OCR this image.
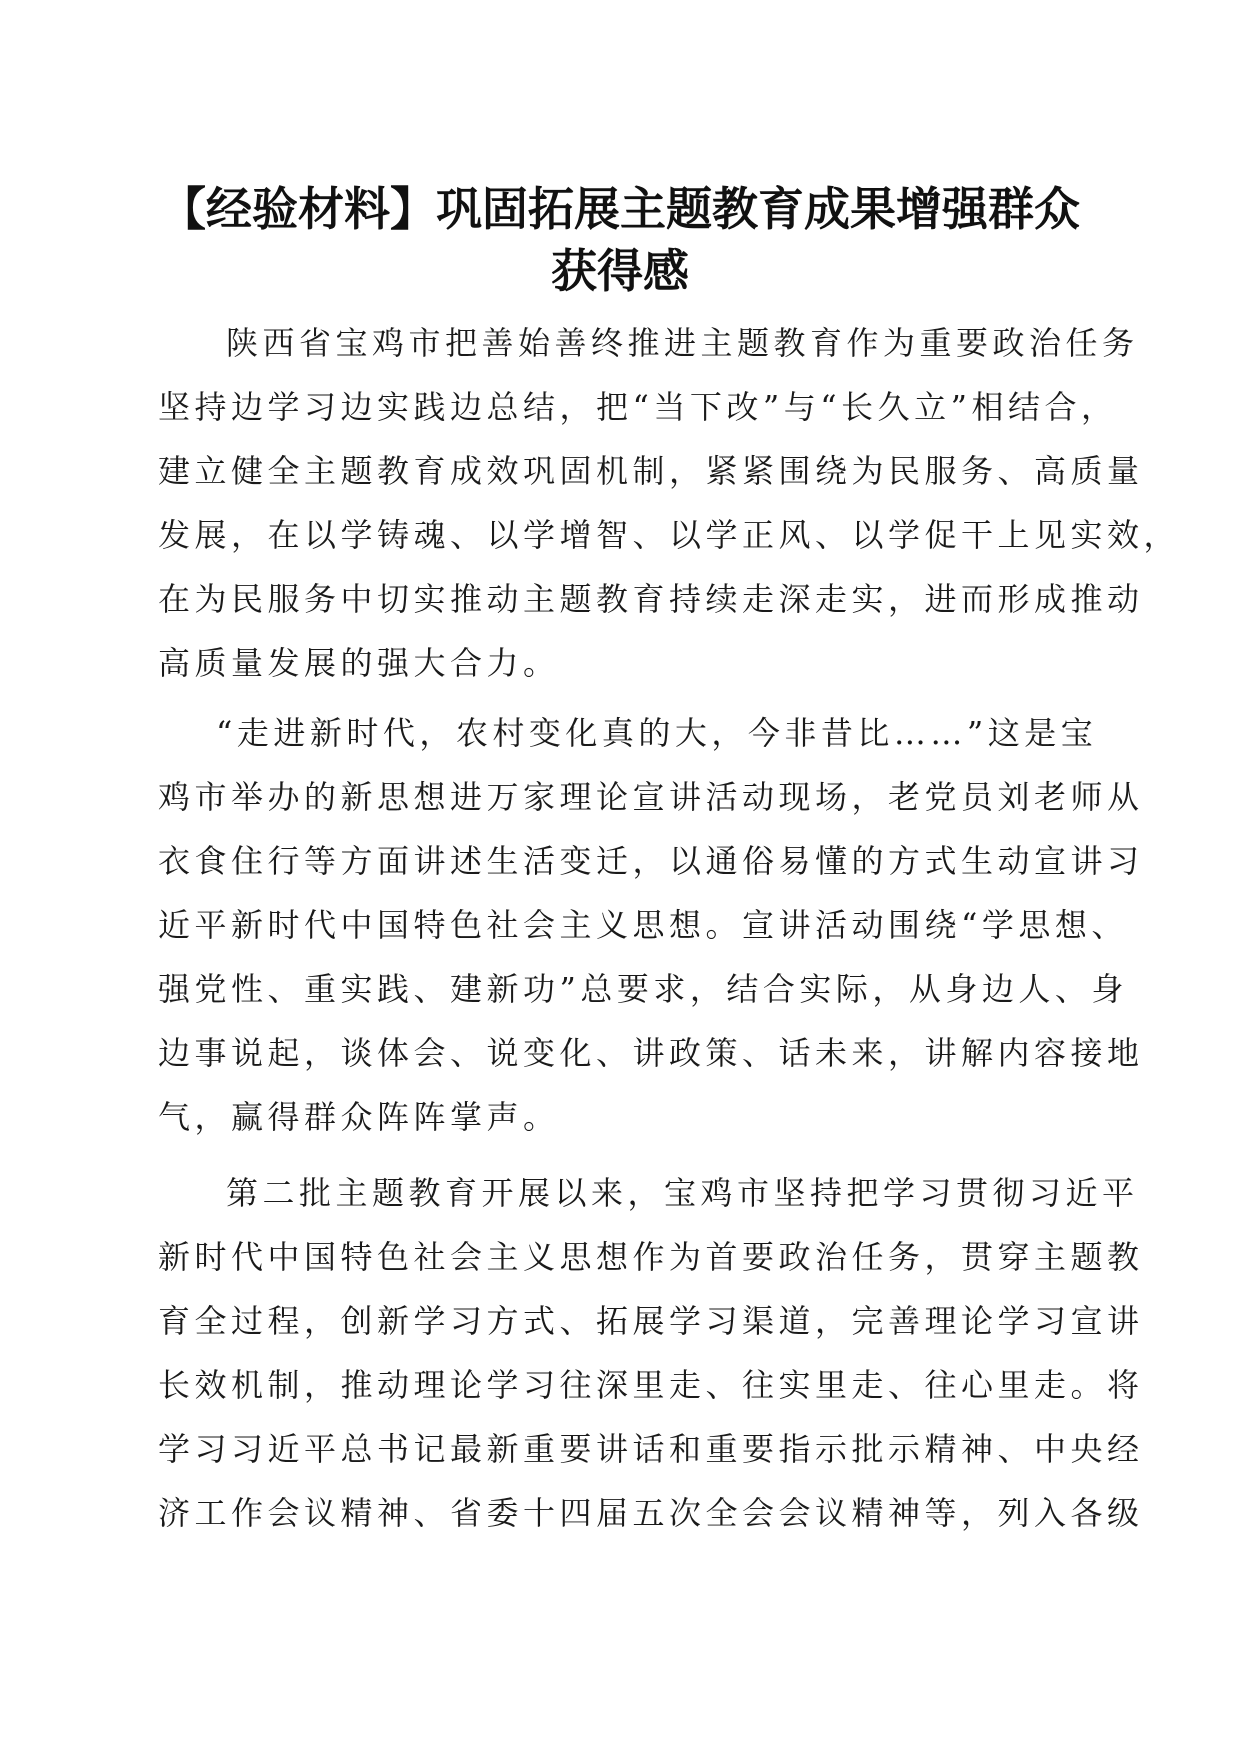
【经验材料】巩固拓展主题教育成果增强群众
获得感
陕西省宝鸡市把善始善终推进主题教育作为重要政治任务
坚持边学习边实践边总结，把“当下改”与“长久立”相结合，
建立健全主题教育成效巩固机制，紧紧围绕为民服务、高质量
发展，在以学铸魂、以学增智、以学正风、以学促干上见实效，
在为民服务中切实推动主题教育持续走深走实，进而形成推动
高质量发展的强大合力。
“走进新时代，农村变化真的大，今非昔比……”这是宝
鸡市举办的新思想进万家理论宣讲活动现场，老党员刘老师从
衣食住行等方面讲述生活变迁，以通俗易懂的方式生动宣讲习
近平新时代中国特色社会主义思想。宣讲活动围绕“学思想、
强党性、重实践、建新功”总要求，结合实际，从身边人、身
边事说起，谈体会、说变化、讲政策、话未来，讲解内容接地
气，赢得群众阵阵掌声。
第二批主题教育开展以来，宝鸡市坚持把学习贯彻习近平
新时代中国特色社会主义思想作为首要政治任务，贯穿主题教
育全过程，创新学习方式、拓展学习渠道，完善理论学习宣讲
长效机制，推动理论学习往深里走、往实里走、往心里走。将
学习习近平总书记最新重要讲话和重要指示批示精神、中央经
济工作会议精神、省委十四届五次全会会议精神等，列入各级
